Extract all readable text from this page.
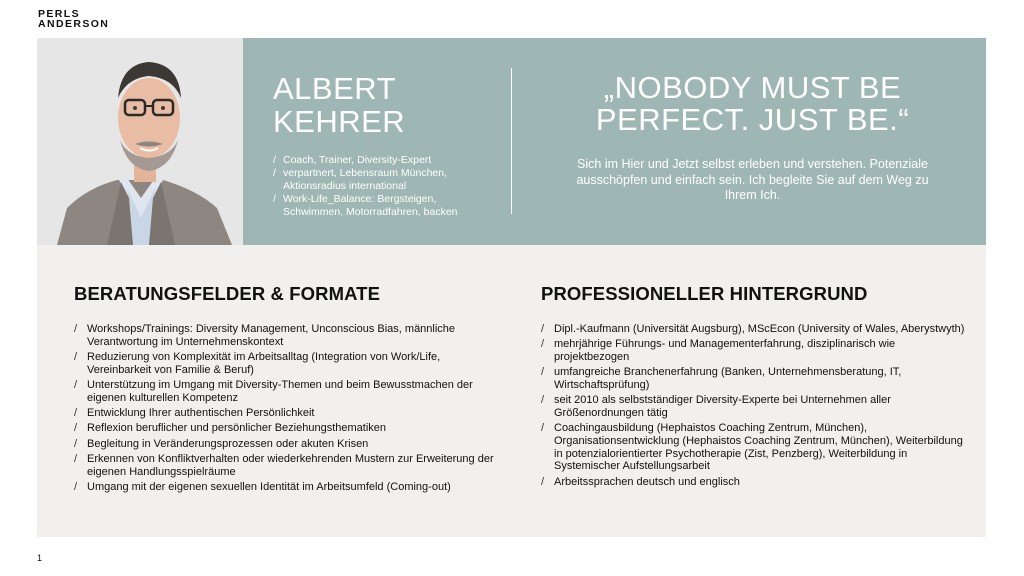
PERLS
ANDERSON
ALBERT KEHRER
/ Coach, Trainer, Diversity-Expert
/ verpartnert, Lebensraum München, Aktionsradius international
/ Work-Life_Balance: Bergsteigen, Schwimmen, Motorradfahren, backen
„NOBODY MUST BE PERFECT. JUST BE.“
Sich im Hier und Jetzt selbst erleben und verstehen. Potenziale ausschöpfen und einfach sein. Ich begleite Sie auf dem Weg zu Ihrem Ich.
BERATUNGSFELDER & FORMATE
/ Workshops/Trainings: Diversity Management, Unconscious Bias, männliche Verantwortung im Unternehmenskontext
/ Reduzierung von Komplexität im Arbeitsalltag (Integration von Work/Life, Vereinbarkeit von Familie & Beruf)
/ Unterstützung im Umgang mit Diversity-Themen und beim Bewusstmachen der eigenen kulturellen Kompetenz
/ Entwicklung Ihrer authentischen Persönlichkeit
/ Reflexion beruflicher und persönlicher Beziehungsthematiken
/ Begleitung in Veränderungsprozessen oder akuten Krisen
/ Erkennen von Konfliktverhalten oder wiederkehrenden Mustern zur Erweiterung der eigenen Handlungsspielräume
/ Umgang mit der eigenen sexuellen Identität im Arbeitsumfeld (Coming-out)
PROFESSIONELLER HINTERGRUND
/ Dipl.-Kaufmann (Universität Augsburg), MScEcon (University of Wales, Aberystwyth)
/ mehrjährige Führungs- und Managementerfahrung, disziplinarisch wie projektbezogen
/ umfangreiche Branchenerfahrung (Banken, Unternehmensberatung, IT, Wirtschaftsprüfung)
/ seit 2010 als selbstständiger Diversity-Experte bei Unternehmen aller Größenordnungen tätig
/ Coachingausbildung (Hephaistos Coaching Zentrum, München), Organisationsentwicklung (Hephaistos Coaching Zentrum, München), Weiterbildung in potenzialorientierter Psychotherapie (Zist, Penzberg), Weiterbildung in Systemischer Aufstellungsarbeit
/ Arbeitssprachen deutsch und englisch
1
